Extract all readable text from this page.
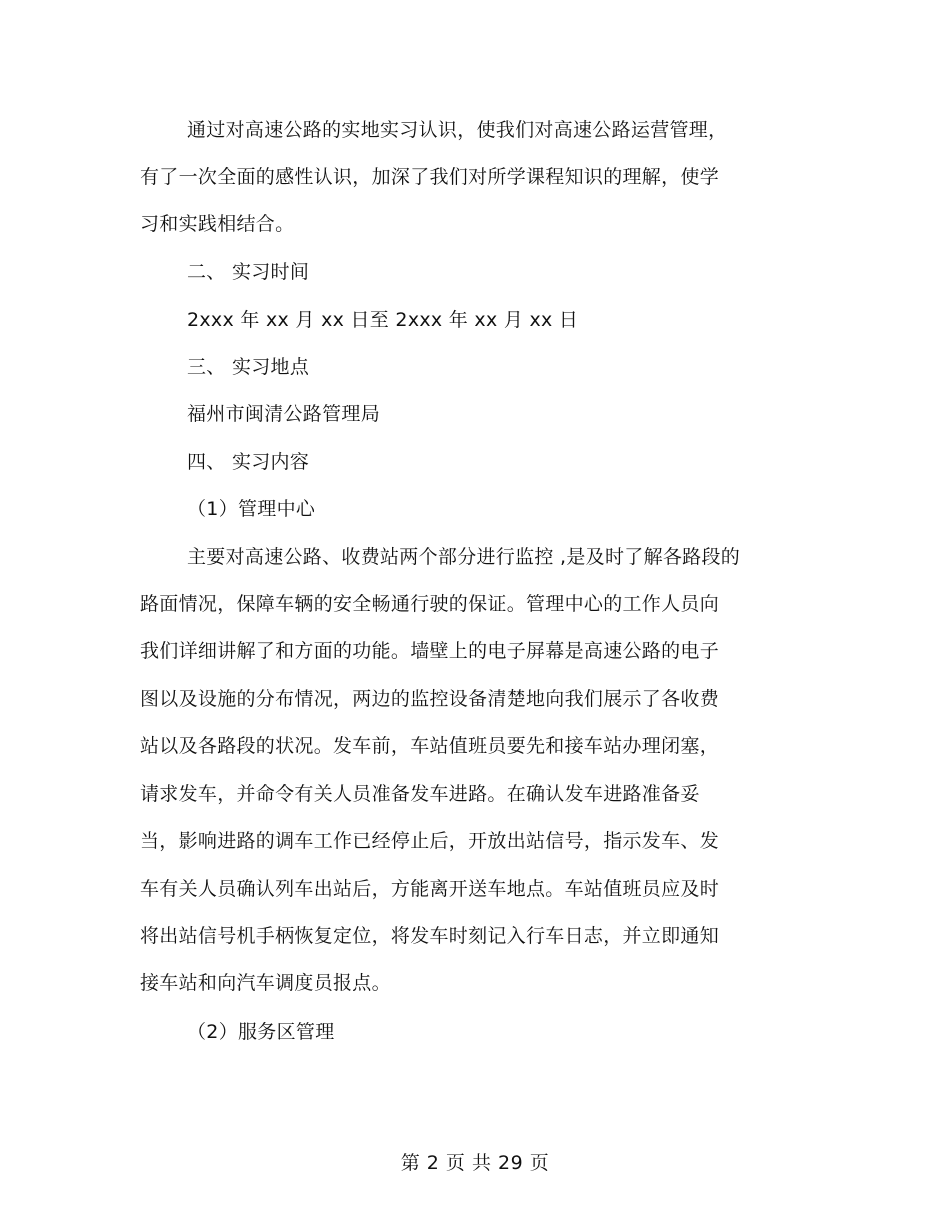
通过对高速公路的实地实习认识，使我们对高速公路运营管理，
有了一次全面的感性认识，加深了我们对所学课程知识的理解，使学
习和实践相结合。
二、 实习时间
2xxx 年 xx 月 xx 日至 2xxx 年 xx 月 xx 日
三、 实习地点
福州市闽清公路管理局
四、 实习内容
（1）管理中心
主要对高速公路、收费站两个部分进行监控 ,是及时了解各路段的
路面情况，保障车辆的安全畅通行驶的保证。管理中心的工作人员向
我们详细讲解了和方面的功能。墙壁上的电子屏幕是高速公路的电子
图以及设施的分布情况，两边的监控设备清楚地向我们展示了各收费
站以及各路段的状况。发车前，车站值班员要先和接车站办理闭塞，
请求发车，并命令有关人员准备发车进路。在确认发车进路准备妥
当，影响进路的调车工作已经停止后，开放出站信号，指示发车、发
车有关人员确认列车出站后，方能离开送车地点。车站值班员应及时
将出站信号机手柄恢复定位，将发车时刻记入行车日志，并立即通知
接车站和向汽车调度员报点。
（2）服务区管理
第 2 页 共 29 页
